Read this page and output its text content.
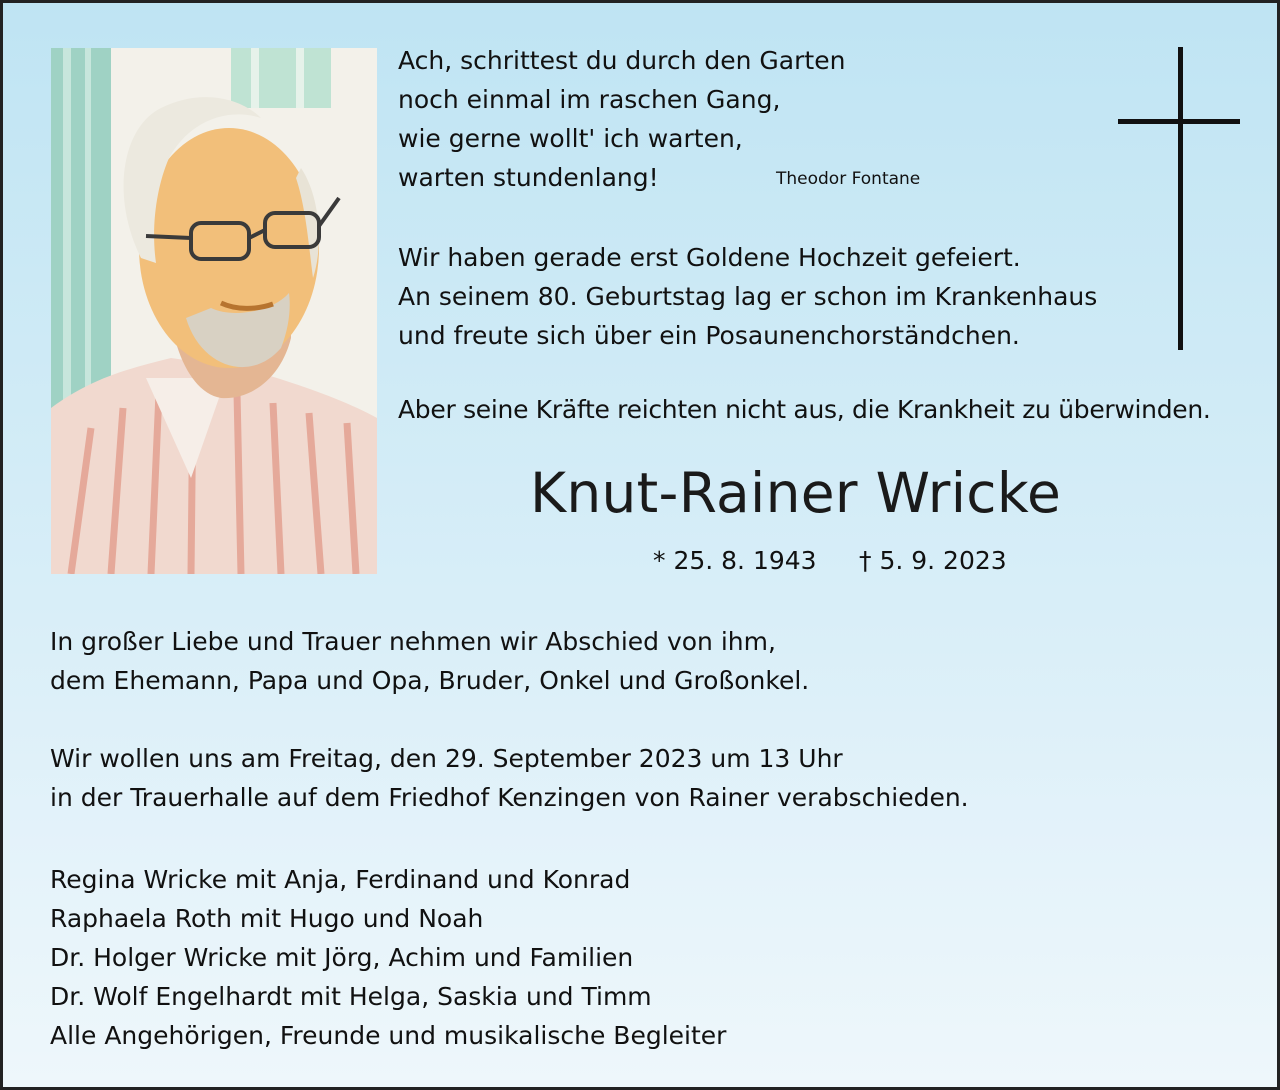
Ach, schrittest du durch den Garten
noch einmal im raschen Gang,
wie gerne wollt' ich warten,
warten stundenlang!	Theodor Fontane
Wir haben gerade erst Goldene Hochzeit gefeiert.
An seinem 80. Geburtstag lag er schon im Krankenhaus
und freute sich über ein Posaunenchorständchen.
Aber seine Kräfte reichten nicht aus, die Krankheit zu überwinden.
Knut-Rainer Wricke
* 25. 8. 1943 † 5. 9. 2023
In großer Liebe und Trauer nehmen wir Abschied von ihm,
dem Ehemann, Papa und Opa, Bruder, Onkel und Großonkel.
Wir wollen uns am Freitag, den 29. September 2023 um 13 Uhr
in der Trauerhalle auf dem Friedhof Kenzingen von Rainer verabschieden.
Regina Wricke mit Anja, Ferdinand und Konrad
Raphaela Roth mit Hugo und Noah
Dr. Holger Wricke mit Jörg, Achim und Familien
Dr. Wolf Engelhardt mit Helga, Saskia und Timm
Alle Angehörigen, Freunde und musikalische Begleiter
